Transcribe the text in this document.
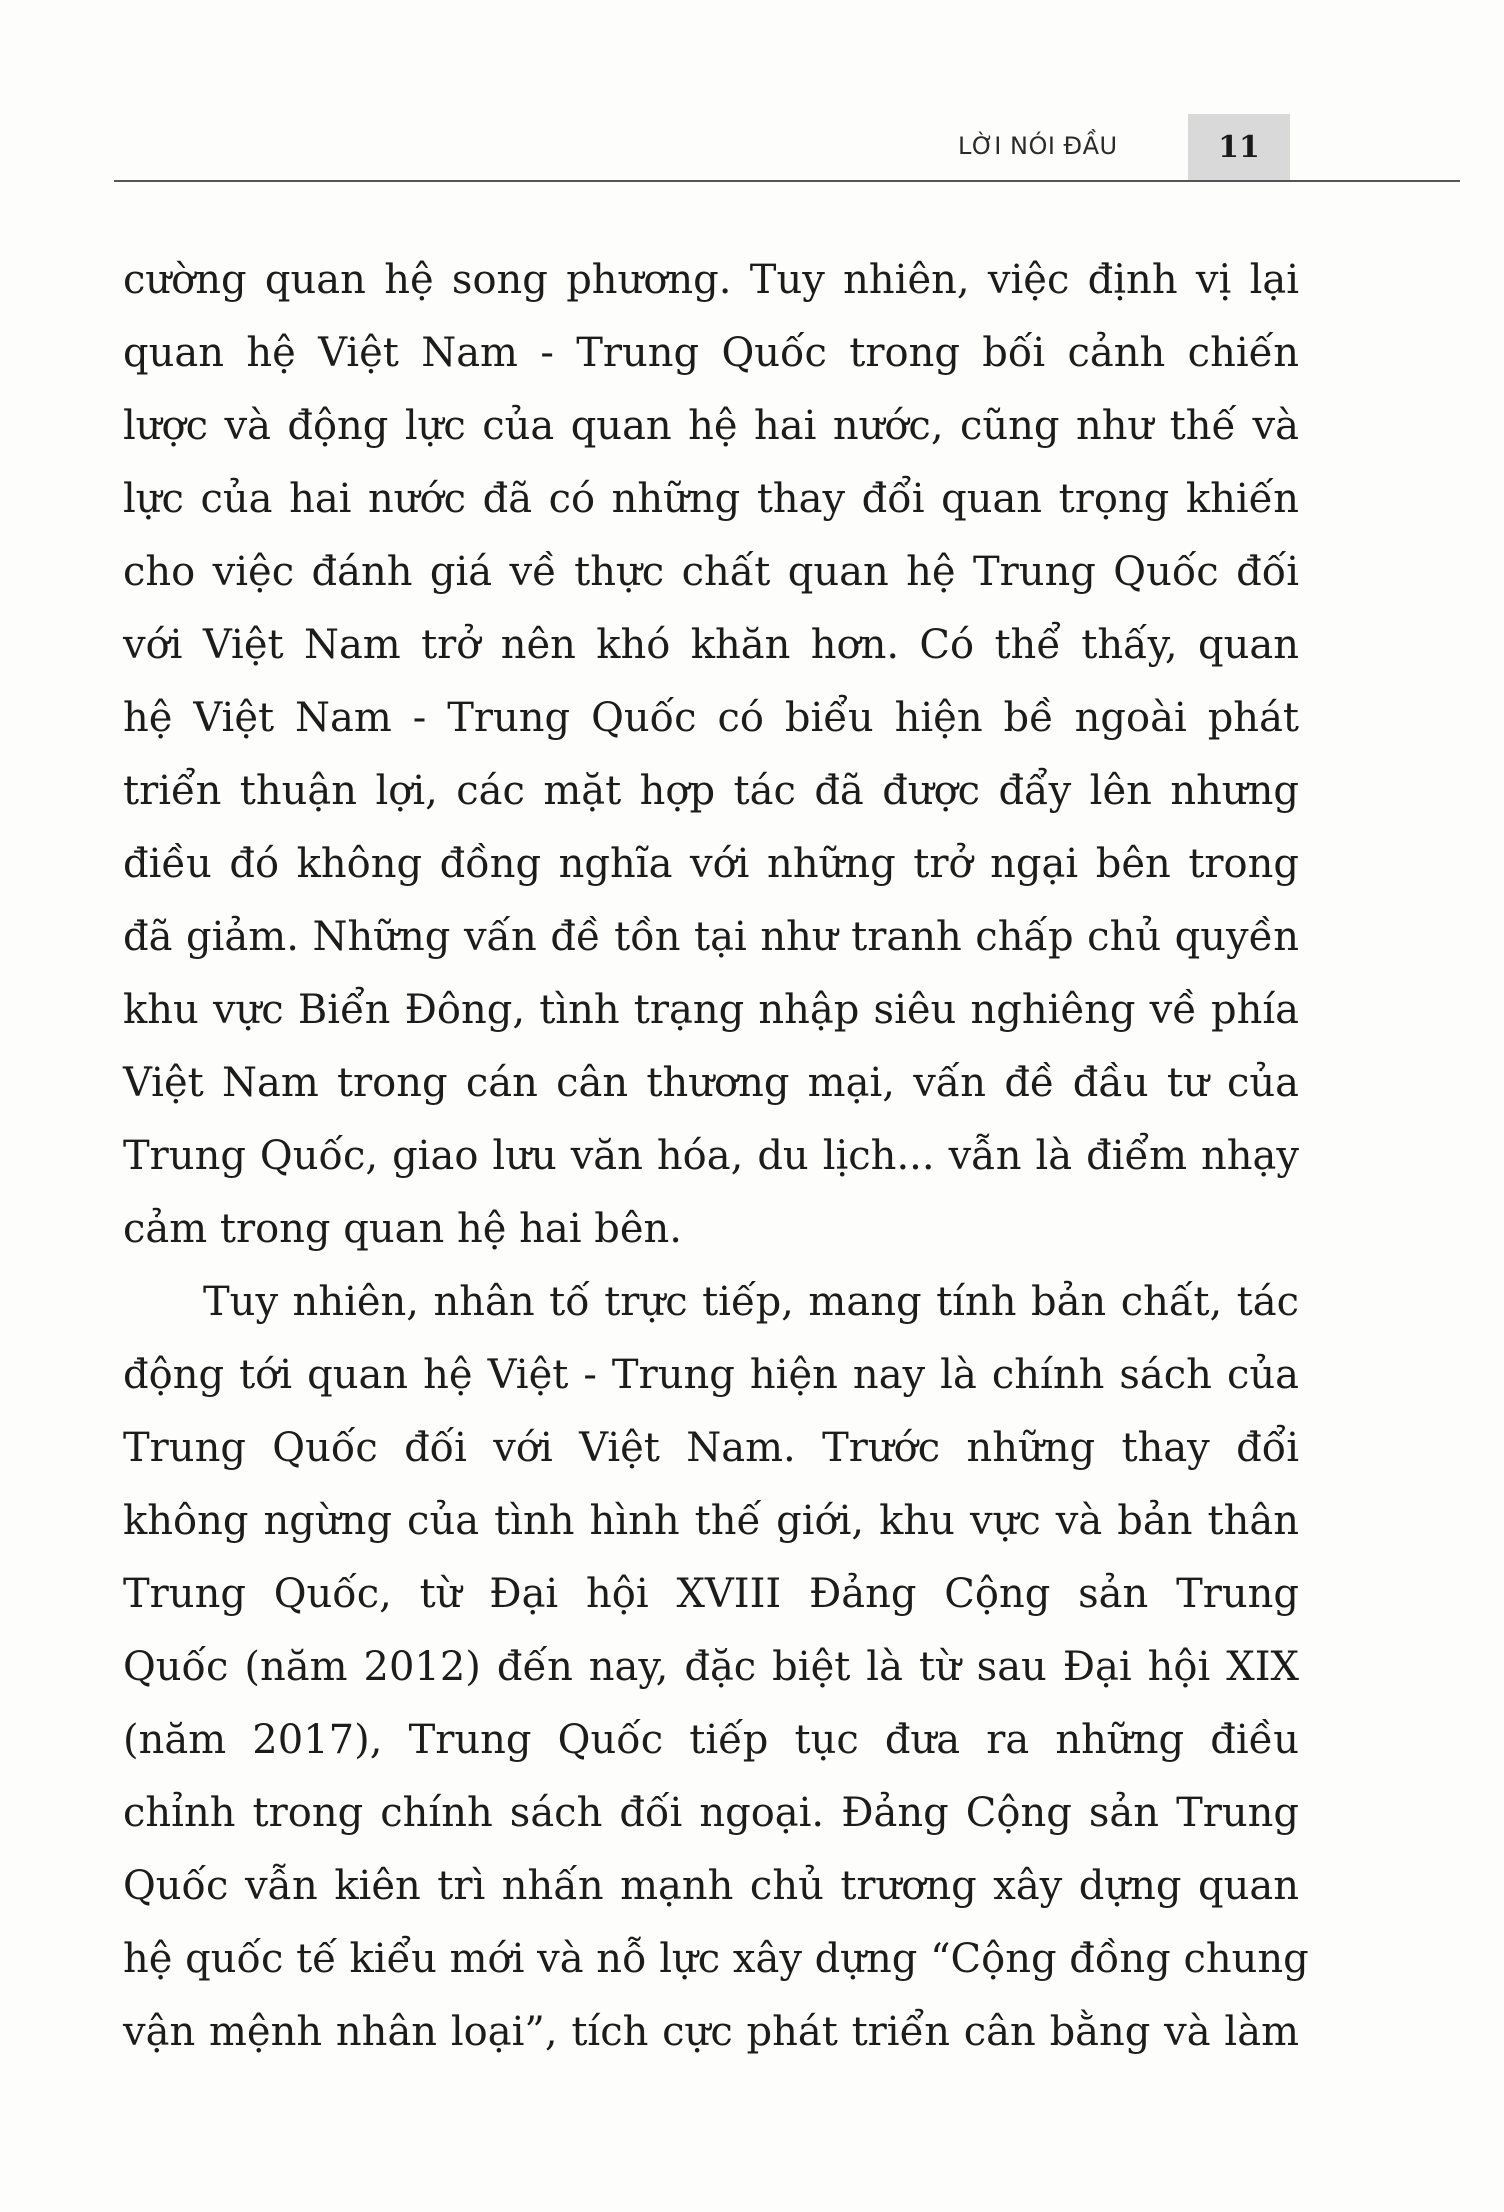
LỜI NÓI ĐẦU	11
cường quan hệ song phương. Tuy nhiên, việc định vị lại
quan hệ Việt Nam - Trung Quốc trong bối cảnh chiến
lược và động lực của quan hệ hai nước, cũng như thế và
lực của hai nước đã có những thay đổi quan trọng khiến
cho việc đánh giá về thực chất quan hệ Trung Quốc đối
với Việt Nam trở nên khó khăn hơn. Có thể thấy, quan
hệ Việt Nam - Trung Quốc có biểu hiện bề ngoài phát
triển thuận lợi, các mặt hợp tác đã được đẩy lên nhưng
điều đó không đồng nghĩa với những trở ngại bên trong
đã giảm. Những vấn đề tồn tại như tranh chấp chủ quyền
khu vực Biển Đông, tình trạng nhập siêu nghiêng về phía
Việt Nam trong cán cân thương mại, vấn đề đầu tư của
Trung Quốc, giao lưu văn hóa, du lịch... vẫn là điểm nhạy
cảm trong quan hệ hai bên.
Tuy nhiên, nhân tố trực tiếp, mang tính bản chất, tác
động tới quan hệ Việt - Trung hiện nay là chính sách của
Trung Quốc đối với Việt Nam. Trước những thay đổi
không ngừng của tình hình thế giới, khu vực và bản thân
Trung Quốc, từ Đại hội XVIII Đảng Cộng sản Trung
Quốc (năm 2012) đến nay, đặc biệt là từ sau Đại hội XIX
(năm 2017), Trung Quốc tiếp tục đưa ra những điều
chỉnh trong chính sách đối ngoại. Đảng Cộng sản Trung
Quốc vẫn kiên trì nhấn mạnh chủ trương xây dựng quan
hệ quốc tế kiểu mới và nỗ lực xây dựng “Cộng đồng chung
vận mệnh nhân loại”, tích cực phát triển cân bằng và làm
